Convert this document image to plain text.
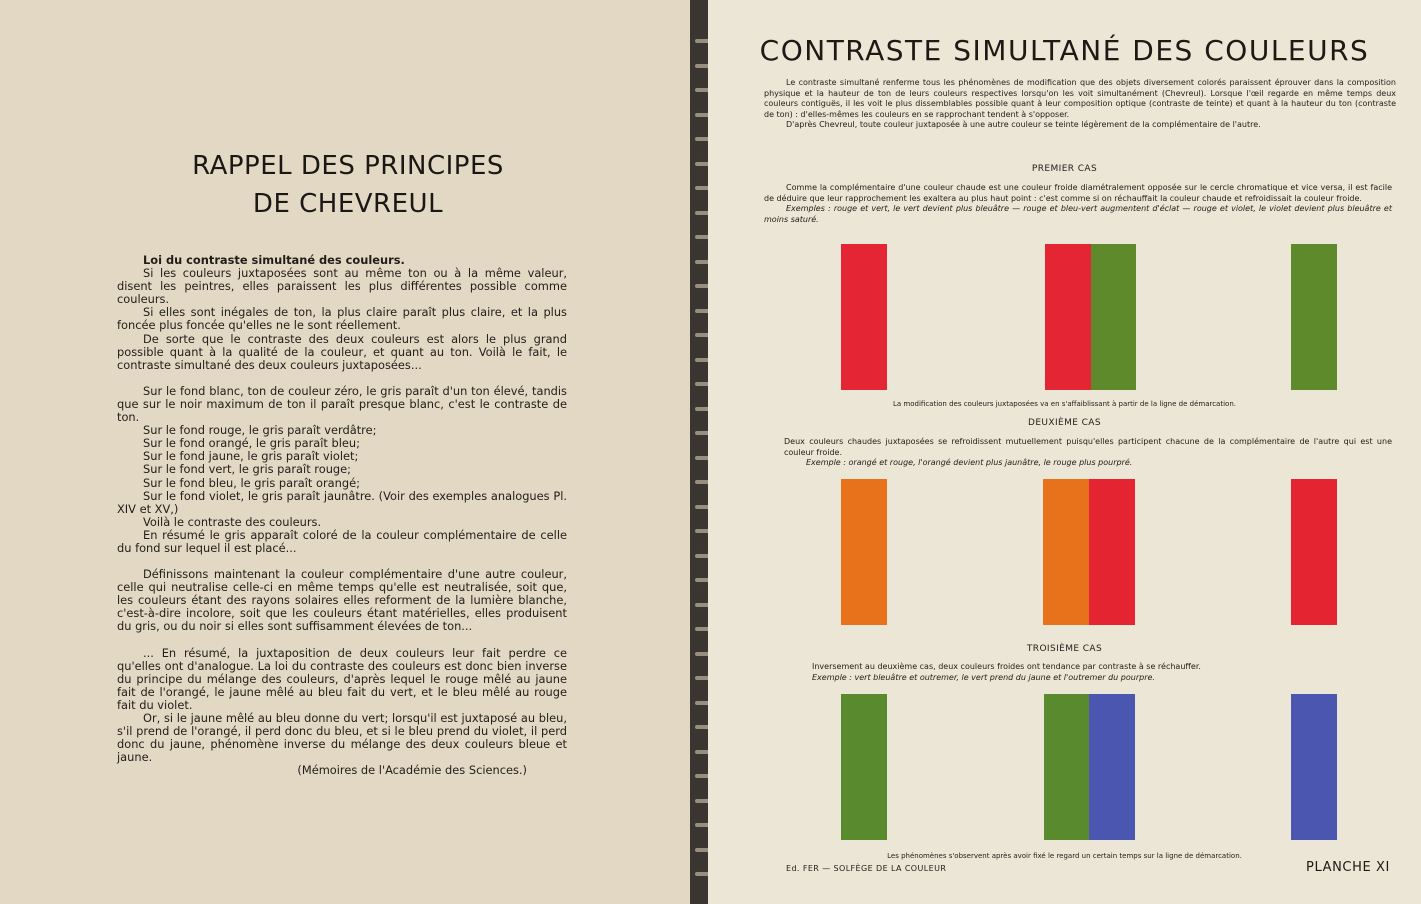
RAPPEL DES PRINCIPES
DE CHEVREUL

Loi du contraste simultané des couleurs.

Si les couleurs juxtaposées sont au même ton ou à la même valeur, disent les peintres, elles paraissent les plus différentes possible comme couleurs.

Si elles sont inégales de ton, la plus claire paraît plus claire, et la plus foncée plus foncée qu'elles ne le sont réellement.

De sorte que le contraste des deux couleurs est alors le plus grand possible quant à la qualité de la couleur, et quant au ton. Voilà le fait, le contraste simultané des deux couleurs juxtaposées...

Sur le fond blanc, ton de couleur zéro, le gris paraît d'un ton élevé, tandis que sur le noir maximum de ton il paraît presque blanc, c'est le contraste de ton.

Sur le fond rouge, le gris paraît verdâtre;

Sur le fond orangé, le gris paraît bleu;

Sur le fond jaune, le gris paraît violet;

Sur le fond vert, le gris paraît rouge;

Sur le fond bleu, le gris paraît orangé;

Sur le fond violet, le gris paraît jaunâtre. (Voir des exemples analogues Pl. XIV et XV,)

Voilà le contraste des couleurs.

En résumé le gris apparaît coloré de la couleur complémentaire de celle du fond sur lequel il est placé...

Définissons maintenant la couleur complémentaire d'une autre couleur, celle qui neutralise celle-ci en même temps qu'elle est neutralisée, soit que, les couleurs étant des rayons solaires elles reforment de la lumière blanche, c'est-à-dire incolore, soit que les couleurs étant matérielles, elles produisent du gris, ou du noir si elles sont suffisamment élevées de ton...

... En résumé, la juxtaposition de deux couleurs leur fait perdre ce qu'elles ont d'analogue. La loi du contraste des couleurs est donc bien inverse du principe du mélange des couleurs, d'après lequel le rouge mêlé au jaune fait de l'orangé, le jaune mêlé au bleu fait du vert, et le bleu mêlé au rouge fait du violet.

Or, si le jaune mêlé au bleu donne du vert; lorsqu'il est juxtaposé au bleu, s'il prend de l'orangé, il perd donc du bleu, et si le bleu prend du violet, il perd donc du jaune, phénomène inverse du mélange des deux couleurs bleue et jaune.

(Mémoires de l'Académie des Sciences.)

CONTRASTE SIMULTANÉ DES COULEURS
Le contraste simultané renferme tous les phénomènes de modification que des objets diversement colorés paraissent éprouver dans la composition physique et la hauteur de ton de leurs couleurs respectives lorsqu'on les voit simultanément (Chevreul). Lorsque l'œil regarde en même temps deux couleurs contiguës, il les voit le plus dissemblables possible quant à leur composition optique (contraste de teinte) et quant à la hauteur du ton (contraste de ton) : d'elles-mêmes les couleurs en se rapprochant tendent à s'opposer.
D'après Chevreul, toute couleur juxtaposée à une autre couleur se teinte légèrement de la complémentaire de l'autre.
PREMIER CAS
Comme la complémentaire d'une couleur chaude est une couleur froide diamétralement opposée sur le cercle chromatique et vice versa, il est facile de déduire que leur rapprochement les exaltera au plus haut point : c'est comme si on réchauffait la couleur chaude et refroidissait la couleur froide.
Exemples : rouge et vert, le vert devient plus bleuâtre — rouge et bleu-vert augmentent d'éclat — rouge et violet, le violet devient plus bleuâtre et moins saturé.
La modification des couleurs juxtaposées va en s'affaiblissant à partir de la ligne de démarcation.
DEUXIÈME CAS
Deux couleurs chaudes juxtaposées se refroidissent mutuellement puisqu'elles participent chacune de la complémentaire de l'autre qui est une couleur froide.
Exemple : orangé et rouge, l'orangé devient plus jaunâtre, le rouge plus pourpré.
TROISIÈME CAS
Inversement au deuxième cas, deux couleurs froides ont tendance par contraste à se réchauffer.
Exemple : vert bleuâtre et outremer, le vert prend du jaune et l'outremer du pourpre.
Les phénomènes s'observent après avoir fixé le regard un certain temps sur la ligne de démarcation.
Ed. FER — SOLFÈGE DE LA COULEUR	PLANCHE XI
